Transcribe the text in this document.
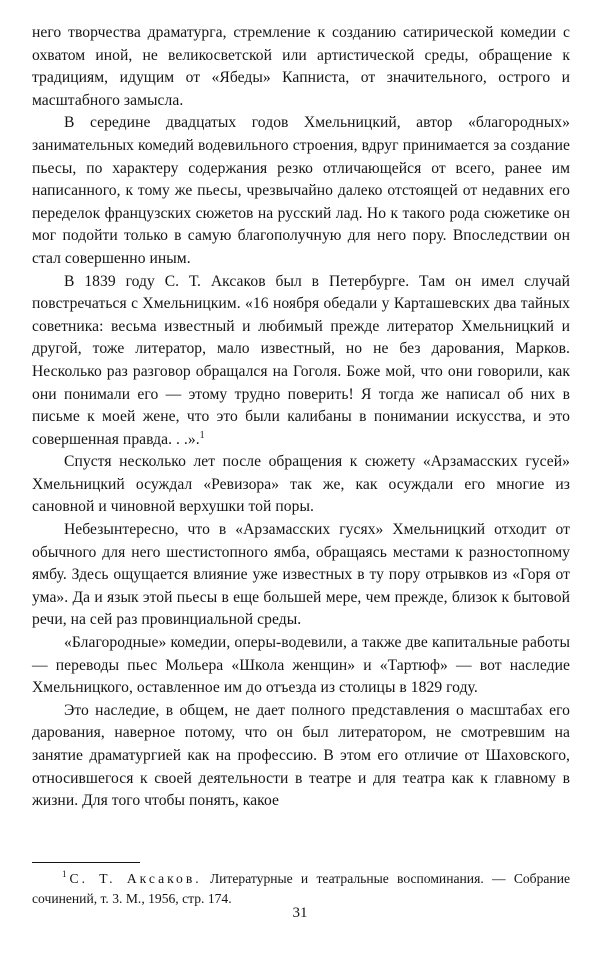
него творчества драматурга, стремление к созданию сатирической комедии с охватом иной, не великосветской или артистической среды, обращение к традициям, идущим от «Ябеды» Капниста, от значительного, острого и масштабного замысла.

В середине двадцатых годов Хмельницкий, автор «благородных» занимательных комедий водевильного строения, вдруг принимается за создание пьесы, по характеру содержания резко отличающейся от всего, ранее им написанного, к тому же пьесы, чрезвычайно далеко отстоящей от недавних его переделок французских сюжетов на русский лад. Но к такого рода сюжетике он мог подойти только в самую благополучную для него пору. Впоследствии он стал совершенно иным.

В 1839 году С. Т. Аксаков был в Петербурге. Там он имел случай повстречаться с Хмельницким. «16 ноября обедали у Карташевских два тайных советника: весьма известный и любимый прежде литератор Хмельницкий и другой, тоже литератор, мало известный, но не без дарования, Марков. Несколько раз разговор обращался на Гоголя. Боже мой, что они говорили, как они понимали его — этому трудно поверить! Я тогда же написал об них в письме к моей жене, что это были калибаны в понимании искусства, и это совершенная правда. . .».$^1$

Спустя несколько лет после обращения к сюжету «Арзамасских гусей» Хмельницкий осуждал «Ревизора» так же, как осуждали его многие из сановной и чиновной верхушки той поры.

Небезынтересно, что в «Арзамасских гусях» Хмельницкий отходит от обычного для него шестистопного ямба, обращаясь местами к разностопному ямбу. Здесь ощущается влияние уже известных в ту пору отрывков из «Горя от ума». Да и язык этой пьесы в еще большей мере, чем прежде, близок к бытовой речи, на сей раз провинциальной среды.

«Благородные» комедии, оперы-водевили, а также две капитальные работы — переводы пьес Мольера «Школа женщин» и «Тартюф» — вот наследие Хмельницкого, оставленное им до отъезда из столицы в 1829 году.

Это наследие, в общем, не дает полного представления о масштабах его дарования, наверное потому, что он был литератором, не смотревшим на занятие драматургией как на профессию. В этом его отличие от Шаховского, относившегося к своей деятельности в театре и для театра как к главному в жизни. Для того чтобы понять, какое

$^1$ С. Т. Аксаков. Литературные и театральные воспоминания. — Собрание сочинений, т. 3. М., 1956, стр. 174.
31
